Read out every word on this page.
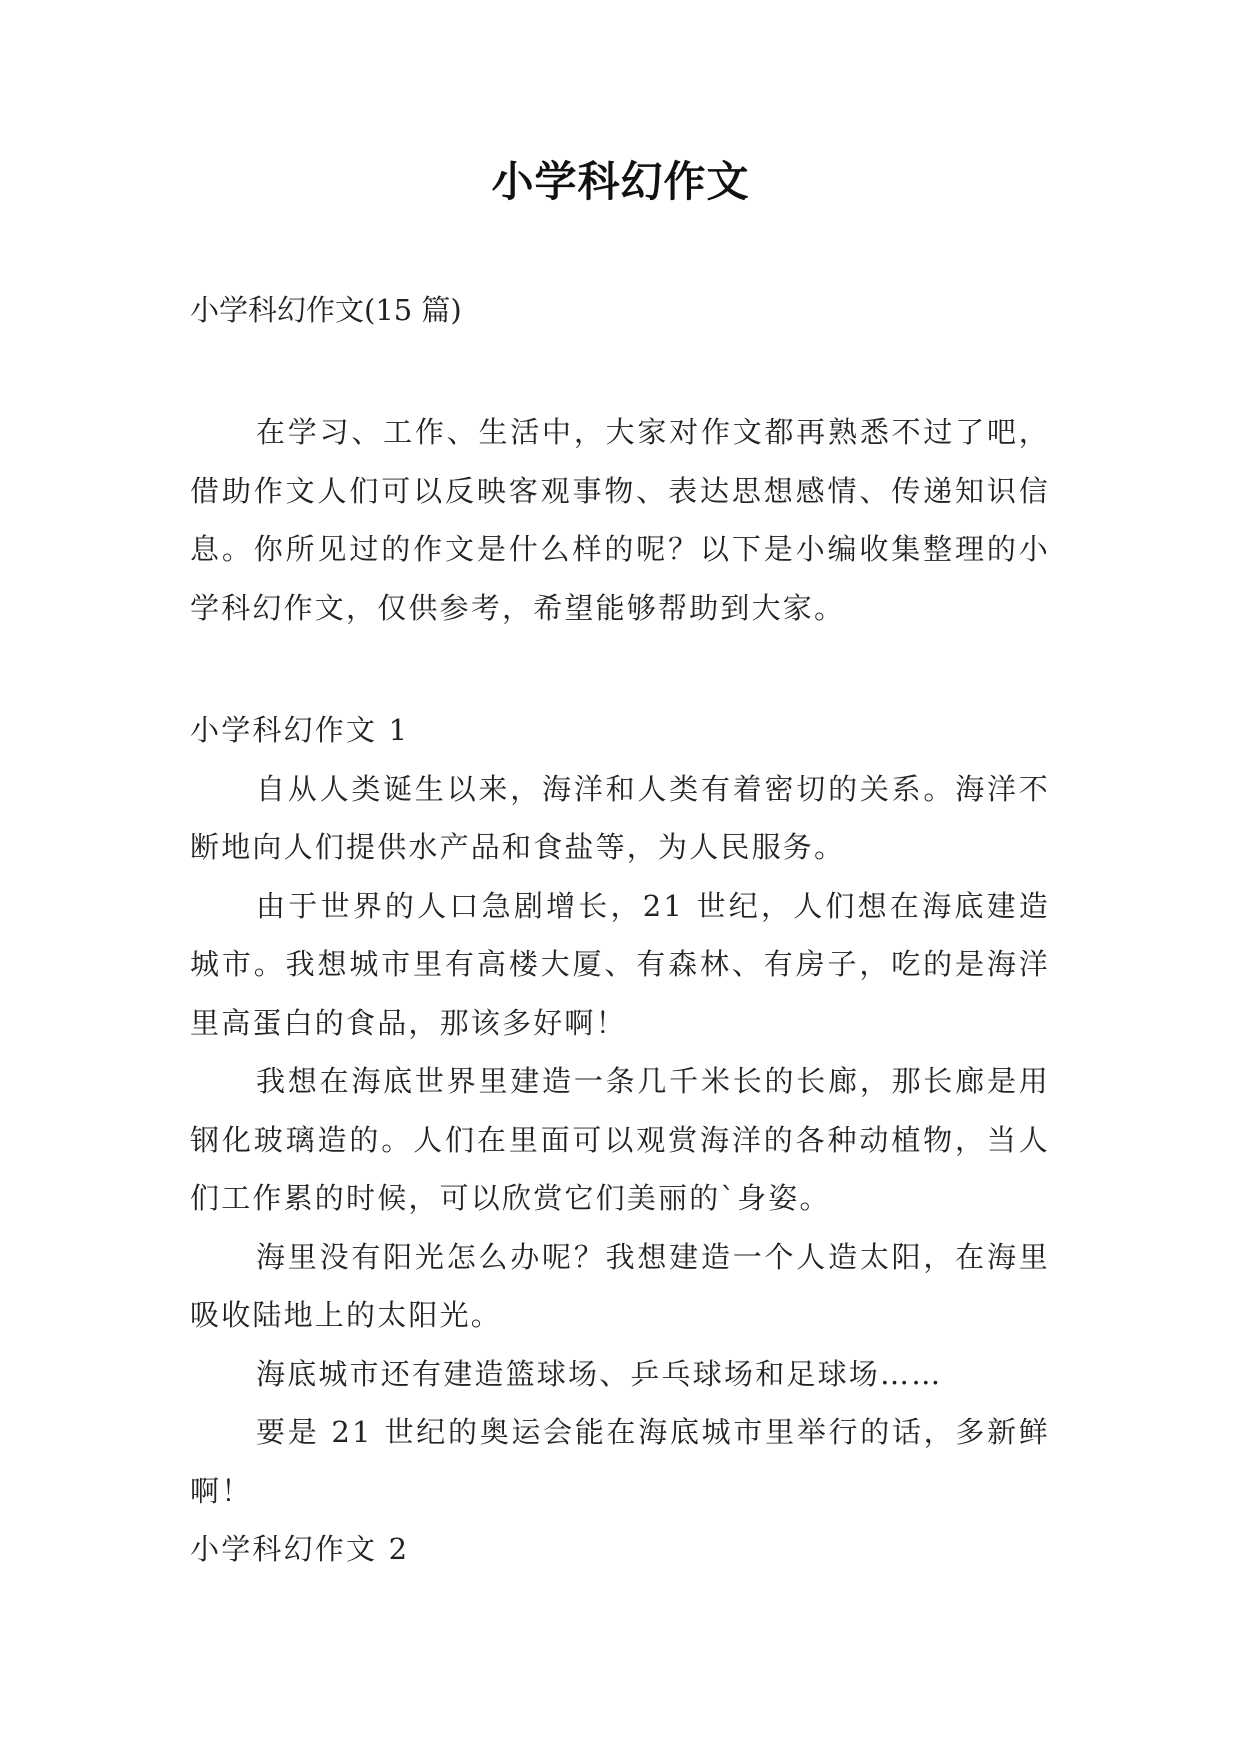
小学科幻作文
小学科幻作文(15 篇)

在学习、工作、生活中，大家对作文都再熟悉不过了吧，借助作文人们可以反映客观事物、表达思想感情、传递知识信息。你所见过的作文是什么样的呢？以下是小编收集整理的小学科幻作文，仅供参考，希望能够帮助到大家。

小学科幻作文 1

自从人类诞生以来，海洋和人类有着密切的关系。海洋不断地向人们提供水产品和食盐等，为人民服务。

由于世界的人口急剧增长，21 世纪，人们想在海底建造城市。我想城市里有高楼大厦、有森林、有房子，吃的是海洋里高蛋白的食品，那该多好啊！

我想在海底世界里建造一条几千米长的长廊，那长廊是用钢化玻璃造的。人们在里面可以观赏海洋的各种动植物，当人们工作累的时候，可以欣赏它们美丽的`身姿。

海里没有阳光怎么办呢？我想建造一个人造太阳，在海里吸收陆地上的太阳光。

海底城市还有建造篮球场、乒乓球场和足球场……

要是 21 世纪的奥运会能在海底城市里举行的话，多新鲜啊！

小学科幻作文 2
